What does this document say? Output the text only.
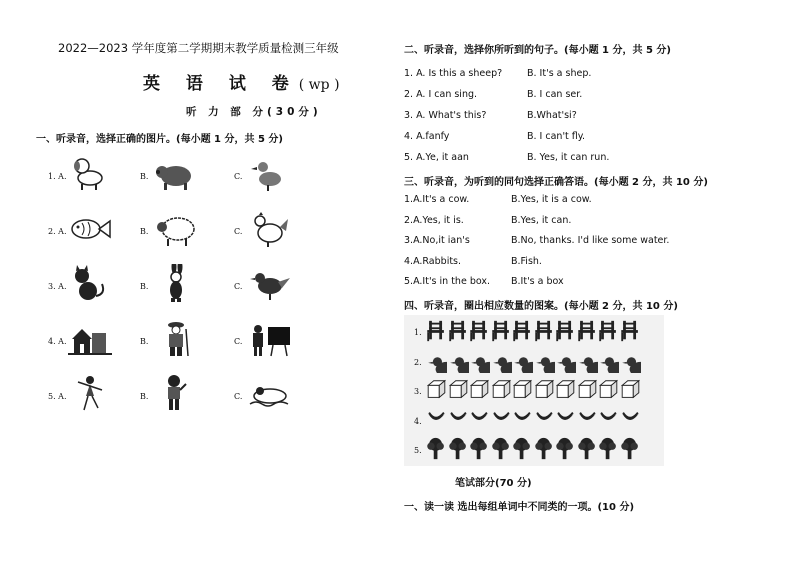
2022—2023 学年度第二学期期末教学质量检测三年级
英 语 试 卷( wp )
听 力 部 分(30分)
一、听录音，选择正确的图片。(每小题 1 分，共 5 分)
1. A.	B.	C.
2. A.	B.	C.
3. A.	B.	C.
4. A.	B.	C.
5. A.	B.	C.
二、听录音，选择你所听到的句子。(每小题 1 分，共 5 分)
1. A. Is this a sheep?	B. It's a shep.
2. A. I can sing.	B. I can ser.
3. A. What's this?	B.What'si?
4. A.fanfy	B. I can't fly.
5. A.Ye, it aan	B. Yes, it can run.
三、听录音，为听到的同句选择正确答语。(每小题 2 分，共 10 分)
1.A.It's a cow.	B.Yes, it is a cow.
2.A.Yes, it is.	B.Yes, it can.
3.A.No,it ian's	B.No, thanks. I'd like some water.
4.A.Rabbits.	B.Fish.
5.A.It's in the box. B.It's a box
四、听录音，圈出相应数量的图案。(每小题 2 分，共 10 分)
1.
2.
3.
4.
5.
笔试部分(70 分)
一、读一读 选出每组单词中不同类的一项。(10 分)
